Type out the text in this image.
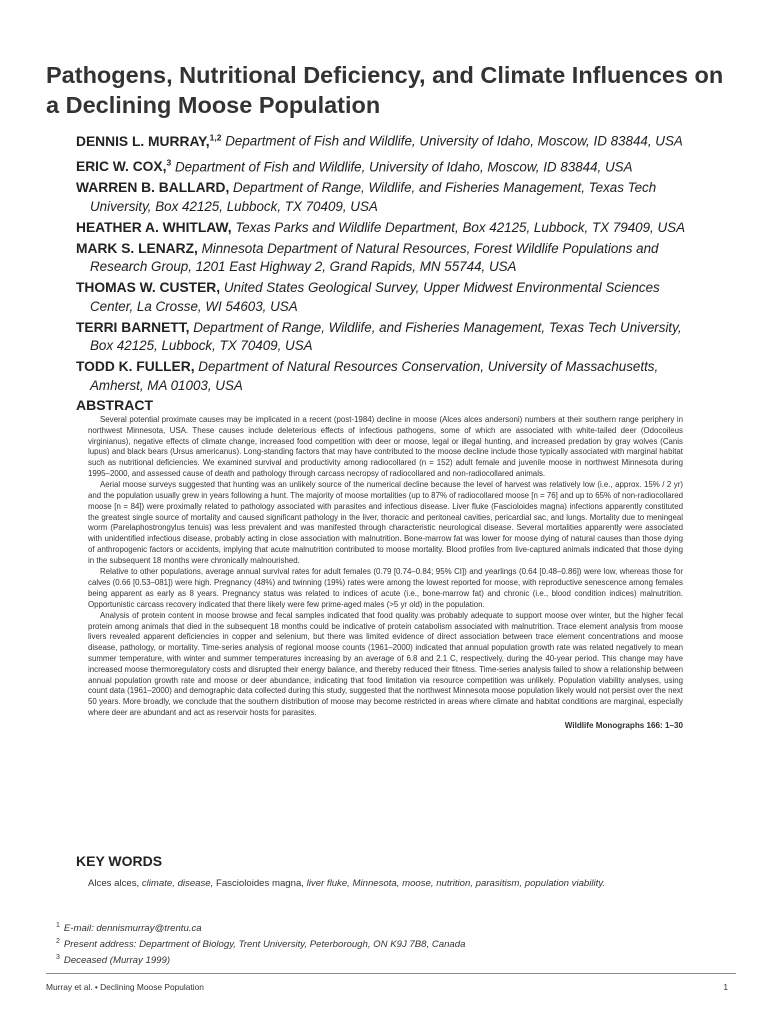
Pathogens, Nutritional Deficiency, and Climate Influences on a Declining Moose Population
DENNIS L. MURRAY,$^{1,2}$ Department of Fish and Wildlife, University of Idaho, Moscow, ID 83844, USA
ERIC W. COX,$^3$ Department of Fish and Wildlife, University of Idaho, Moscow, ID 83844, USA
WARREN B. BALLARD, Department of Range, Wildlife, and Fisheries Management, Texas Tech
University, Box 42125, Lubbock, TX 70409, USA
HEATHER A. WHITLAW, Texas Parks and Wildlife Department, Box 42125, Lubbock, TX 79409, USA
MARK S. LENARZ, Minnesota Department of Natural Resources, Forest Wildlife Populations and
Research Group, 1201 East Highway 2, Grand Rapids, MN 55744, USA
THOMAS W. CUSTER, United States Geological Survey, Upper Midwest Environmental Sciences
Center, La Crosse, WI 54603, USA
TERRI BARNETT, Department of Range, Wildlife, and Fisheries Management, Texas Tech University,
Box 42125, Lubbock, TX 70409, USA
TODD K. FULLER, Department of Natural Resources Conservation, University of Massachusetts,
Amherst, MA 01003, USA
ABSTRACT

Several potential proximate causes may be implicated in a recent (post-1984) decline in moose (Alces alces andersoni) numbers at their southern range periphery in northwest Minnesota, USA. These causes include deleterious effects of infectious pathogens, some of which are associated with white-tailed deer (Odocoileus virginianus), negative effects of climate change, increased food competition with deer or moose, legal or illegal hunting, and increased predation by gray wolves (Canis lupus) and black bears (Ursus americanus). Long-standing factors that may have contributed to the moose decline include those typically associated with marginal habitat such as nutritional deficiencies. We examined survival and productivity among radiocollared (n = 152) adult female and juvenile moose in northwest Minnesota during 1995–2000, and assessed cause of death and pathology through carcass necropsy of radiocollared and non-radiocollared animals.

Aerial moose surveys suggested that hunting was an unlikely source of the numerical decline because the level of harvest was relatively low (i.e., approx. 15% / 2 yr) and the population usually grew in years following a hunt. The majority of moose mortalities (up to 87% of radiocollared moose [n = 76] and up to 65% of non-radiocollared moose [n = 84]) were proximally related to pathology associated with parasites and infectious disease. Liver fluke (Fascioloides magna) infections apparently constituted the greatest single source of mortality and caused significant pathology in the liver, thoracic and peritoneal cavities, pericardial sac, and lungs. Mortality due to meningeal worm (Parelaphostrongylus tenuis) was less prevalent and was manifested through characteristic neurological disease. Several mortalities apparently were associated with unidentified infectious disease, probably acting in close association with malnutrition. Bone-marrow fat was lower for moose dying of natural causes than those dying of anthropogenic factors or accidents, implying that acute malnutrition contributed to moose mortality. Blood profiles from live-captured animals indicated that those dying in the subsequent 18 months were chronically malnourished.

Relative to other populations, average annual survival rates for adult females (0.79 [0.74–0.84; 95% CI]) and yearlings (0.64 [0.48–0.86]) were low, whereas those for calves (0.66 [0.53–081]) were high. Pregnancy (48%) and twinning (19%) rates were among the lowest reported for moose, with reproductive senescence among females being apparent as early as 8 years. Pregnancy status was related to indices of acute (i.e., bone-marrow fat) and chronic (i.e., blood condition indices) malnutrition. Opportunistic carcass recovery indicated that there likely were few prime-aged males (>5 yr old) in the population.

Analysis of protein content in moose browse and fecal samples indicated that food quality was probably adequate to support moose over winter, but the higher fecal protein among animals that died in the subsequent 18 months could be indicative of protein catabolism associated with malnutrition. Trace element analysis from moose livers revealed apparent deficiencies in copper and selenium, but there was limited evidence of direct association between trace element concentrations and moose disease, pathology, or mortality. Time-series analysis of regional moose counts (1961–2000) indicated that annual population growth rate was related negatively to mean summer temperature, with winter and summer temperatures increasing by an average of 6.8 and 2.1 C, respectively, during the 40-year period. This change may have increased moose thermoregulatory costs and disrupted their energy balance, and thereby reduced their fitness. Time-series analysis failed to show a relationship between annual population growth rate and moose or deer abundance, indicating that food limitation via resource competition was unlikely. Population viability analyses, using count data (1961–2000) and demographic data collected during this study, suggested that the northwest Minnesota moose population likely would not persist over the next 50 years. More broadly, we conclude that the southern distribution of moose may become restricted in areas where climate and habitat conditions are marginal, especially where deer are abundant and act as reservoir hosts for parasites.

Wildlife Monographs 166: 1–30
KEY WORDS
Alces alces, climate, disease, Fascioloides magna, liver fluke, Minnesota, moose, nutrition, parasitism, population viability.
$^1$ E-mail: dennismurray@trentu.ca
$^2$ Present address: Department of Biology, Trent University, Peterborough, ON K9J 7B8, Canada
$^3$ Deceased (Murray 1999)
Murray et al. • Declining Moose Population	1
